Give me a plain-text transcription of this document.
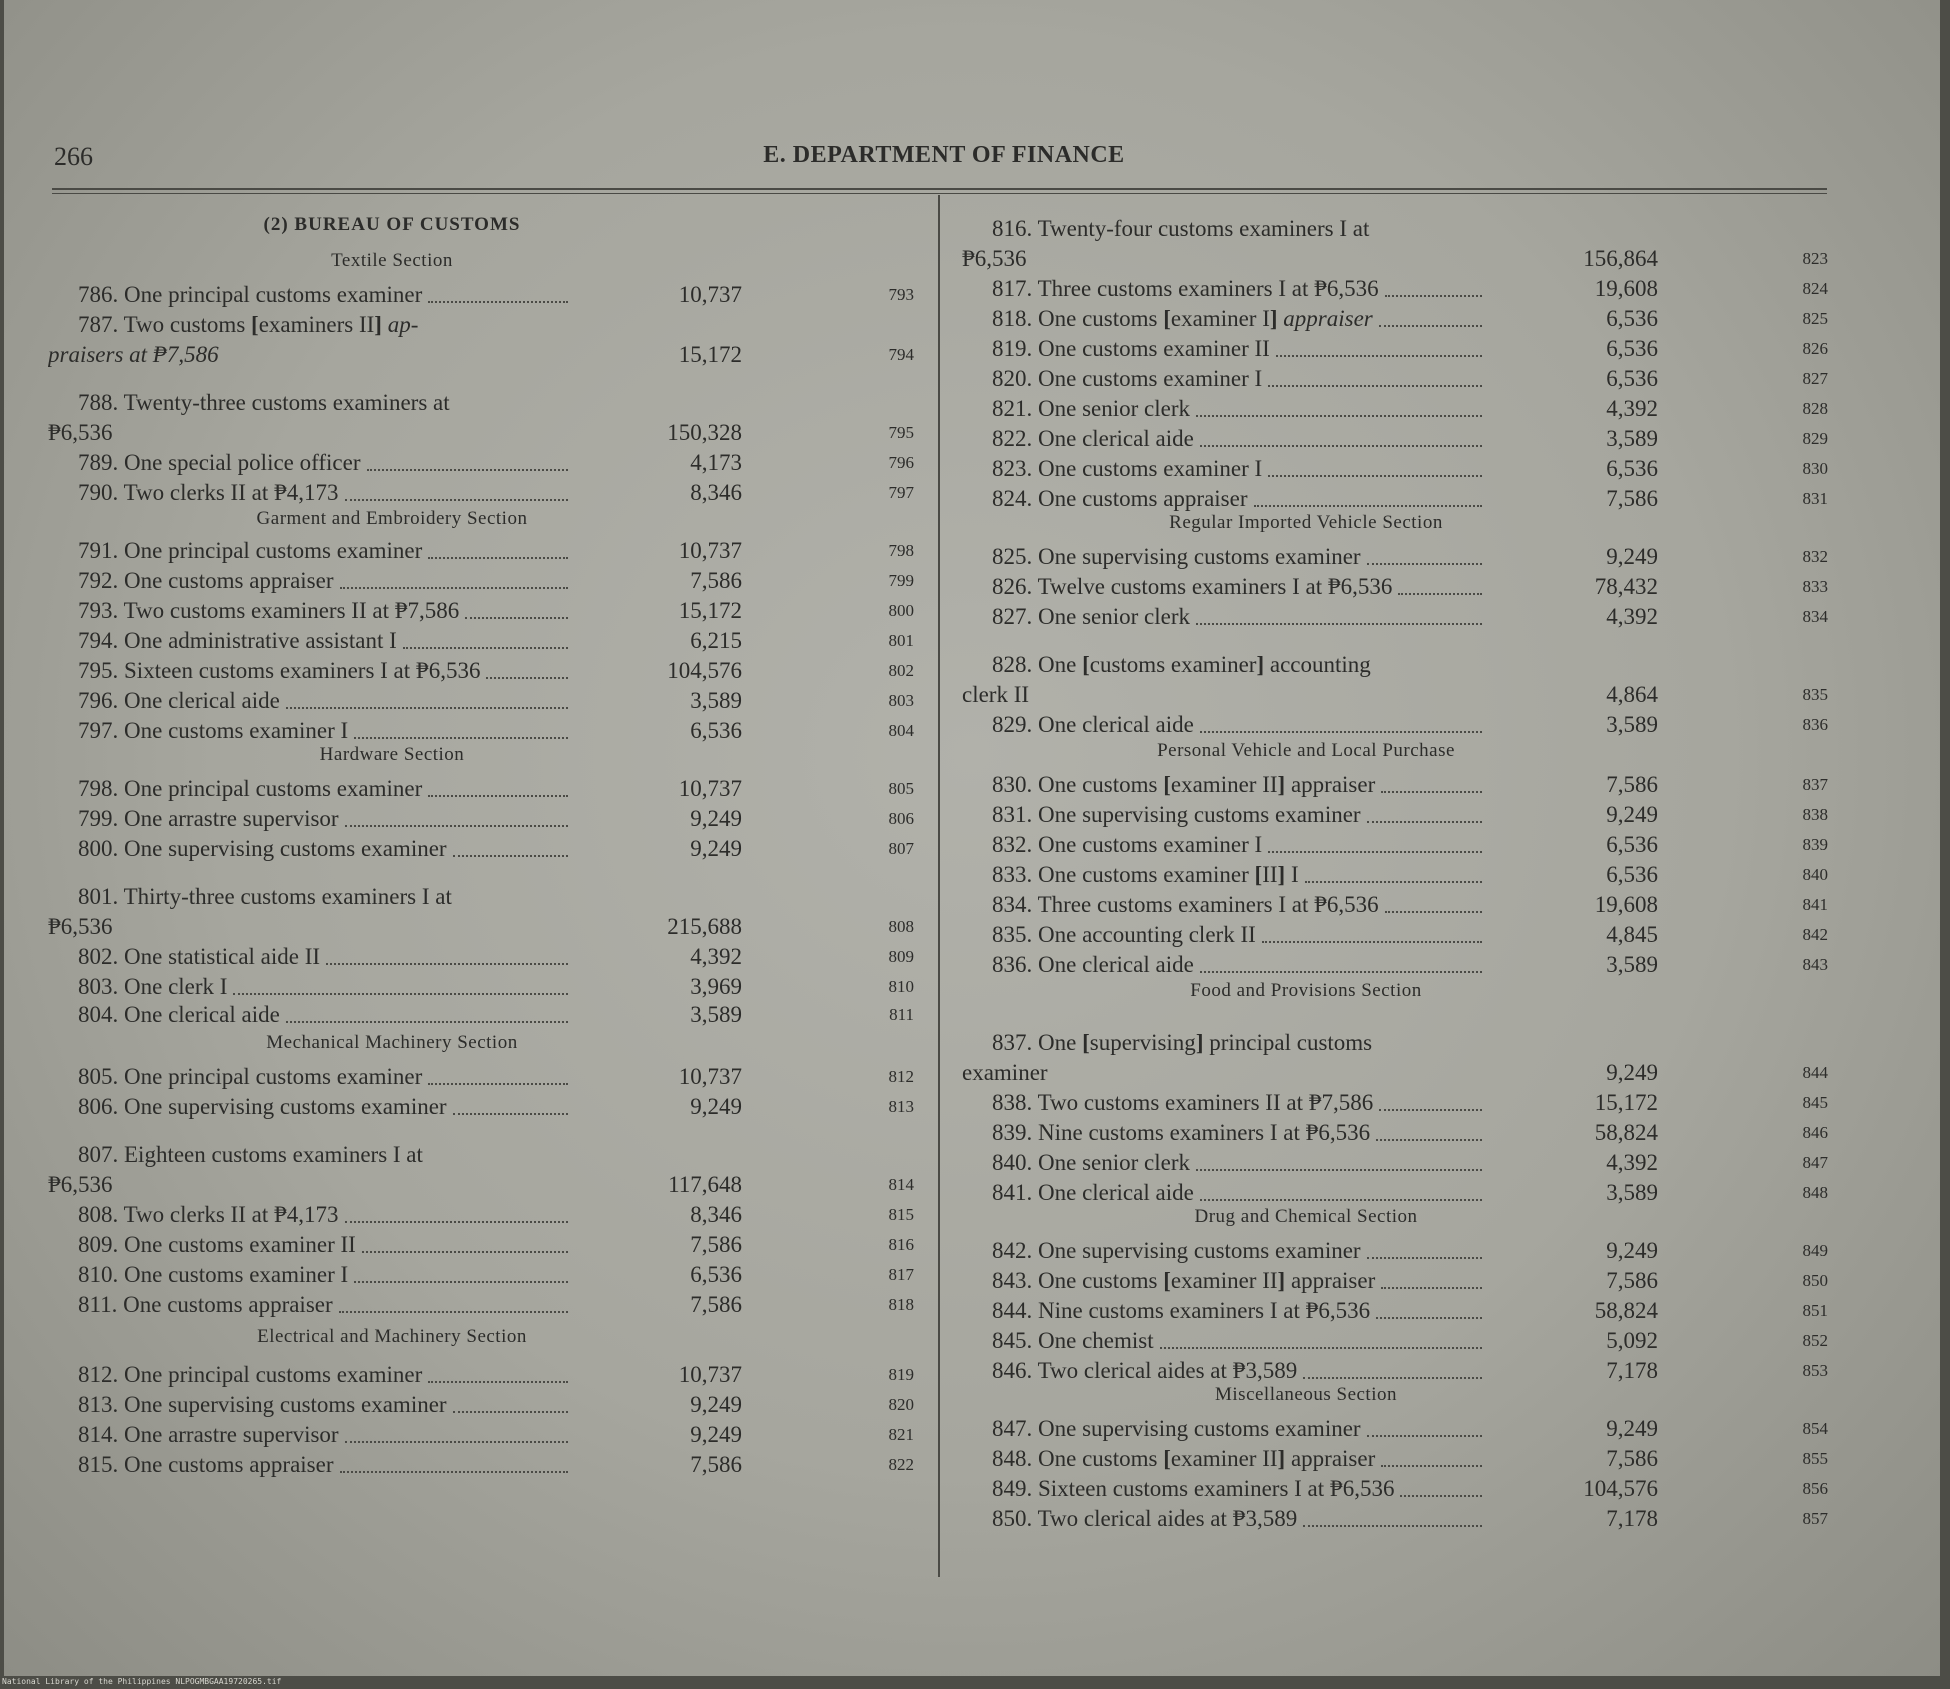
266	E. DEPARTMENT OF FINANCE
(2) BUREAU OF CUSTOMS
Textile Section
786. One principal customs examiner	10,737	793
787. Two customs [examiners II] ap-
praisers at ₱7,586	15,172	794
788. Twenty-three customs examiners at
₱6,536	150,328	795
789. One special police officer	4,173	796
790. Two clerks II at ₱4,173	8,346	797
Garment and Embroidery Section
791. One principal customs examiner	10,737	798
792. One customs appraiser	7,586	799
793. Two customs examiners II at ₱7,586	15,172	800
794. One administrative assistant I	6,215	801
795. Sixteen customs examiners I at ₱6,536	104,576	802
796. One clerical aide	3,589	803
797. One customs examiner I	6,536	804
Hardware Section
798. One principal customs examiner	10,737	805
799. One arrastre supervisor	9,249	806
800. One supervising customs examiner	9,249	807
801. Thirty-three customs examiners I at
₱6,536	215,688	808
802. One statistical aide II	4,392	809
803. One clerk I	3,969	810
804. One clerical aide	3,589	811
Mechanical Machinery Section
805. One principal customs examiner	10,737	812
806. One supervising customs examiner	9,249	813
807. Eighteen customs examiners I at
₱6,536	117,648	814
808. Two clerks II at ₱4,173	8,346	815
809. One customs examiner II	7,586	816
810. One customs examiner I	6,536	817
811. One customs appraiser	7,586	818
Electrical and Machinery Section
812. One principal customs examiner	10,737	819
813. One supervising customs examiner	9,249	820
814. One arrastre supervisor	9,249	821
815. One customs appraiser	7,586	822
816. Twenty-four customs examiners I at
₱6,536	156,864	823
817. Three customs examiners I at ₱6,536	19,608	824
818. One customs [examiner I] appraiser	6,536	825
819. One customs examiner II	6,536	826
820. One customs examiner I	6,536	827
821. One senior clerk	4,392	828
822. One clerical aide	3,589	829
823. One customs examiner I	6,536	830
824. One customs appraiser	7,586	831
Regular Imported Vehicle Section
825. One supervising customs examiner	9,249	832
826. Twelve customs examiners I at ₱6,536	78,432	833
827. One senior clerk	4,392	834
828. One [customs examiner] accounting
clerk II	4,864	835
829. One clerical aide	3,589	836
Personal Vehicle and Local Purchase
830. One customs [examiner II] appraiser	7,586	837
831. One supervising customs examiner	9,249	838
832. One customs examiner I	6,536	839
833. One customs examiner [II] I	6,536	840
834. Three customs examiners I at ₱6,536	19,608	841
835. One accounting clerk II	4,845	842
836. One clerical aide	3,589	843
Food and Provisions Section
837. One [supervising] principal customs
examiner	9,249	844
838. Two customs examiners II at ₱7,586	15,172	845
839. Nine customs examiners I at ₱6,536	58,824	846
840. One senior clerk	4,392	847
841. One clerical aide	3,589	848
Drug and Chemical Section
842. One supervising customs examiner	9,249	849
843. One customs [examiner II] appraiser	7,586	850
844. Nine customs examiners I at ₱6,536	58,824	851
845. One chemist	5,092	852
846. Two clerical aides at ₱3,589	7,178	853
Miscellaneous Section
847. One supervising customs examiner	9,249	854
848. One customs [examiner II] appraiser	7,586	855
849. Sixteen customs examiners I at ₱6,536	104,576	856
850. Two clerical aides at ₱3,589	7,178	857
National Library of the Philippines NLPOGMBGAA19720265.tif
